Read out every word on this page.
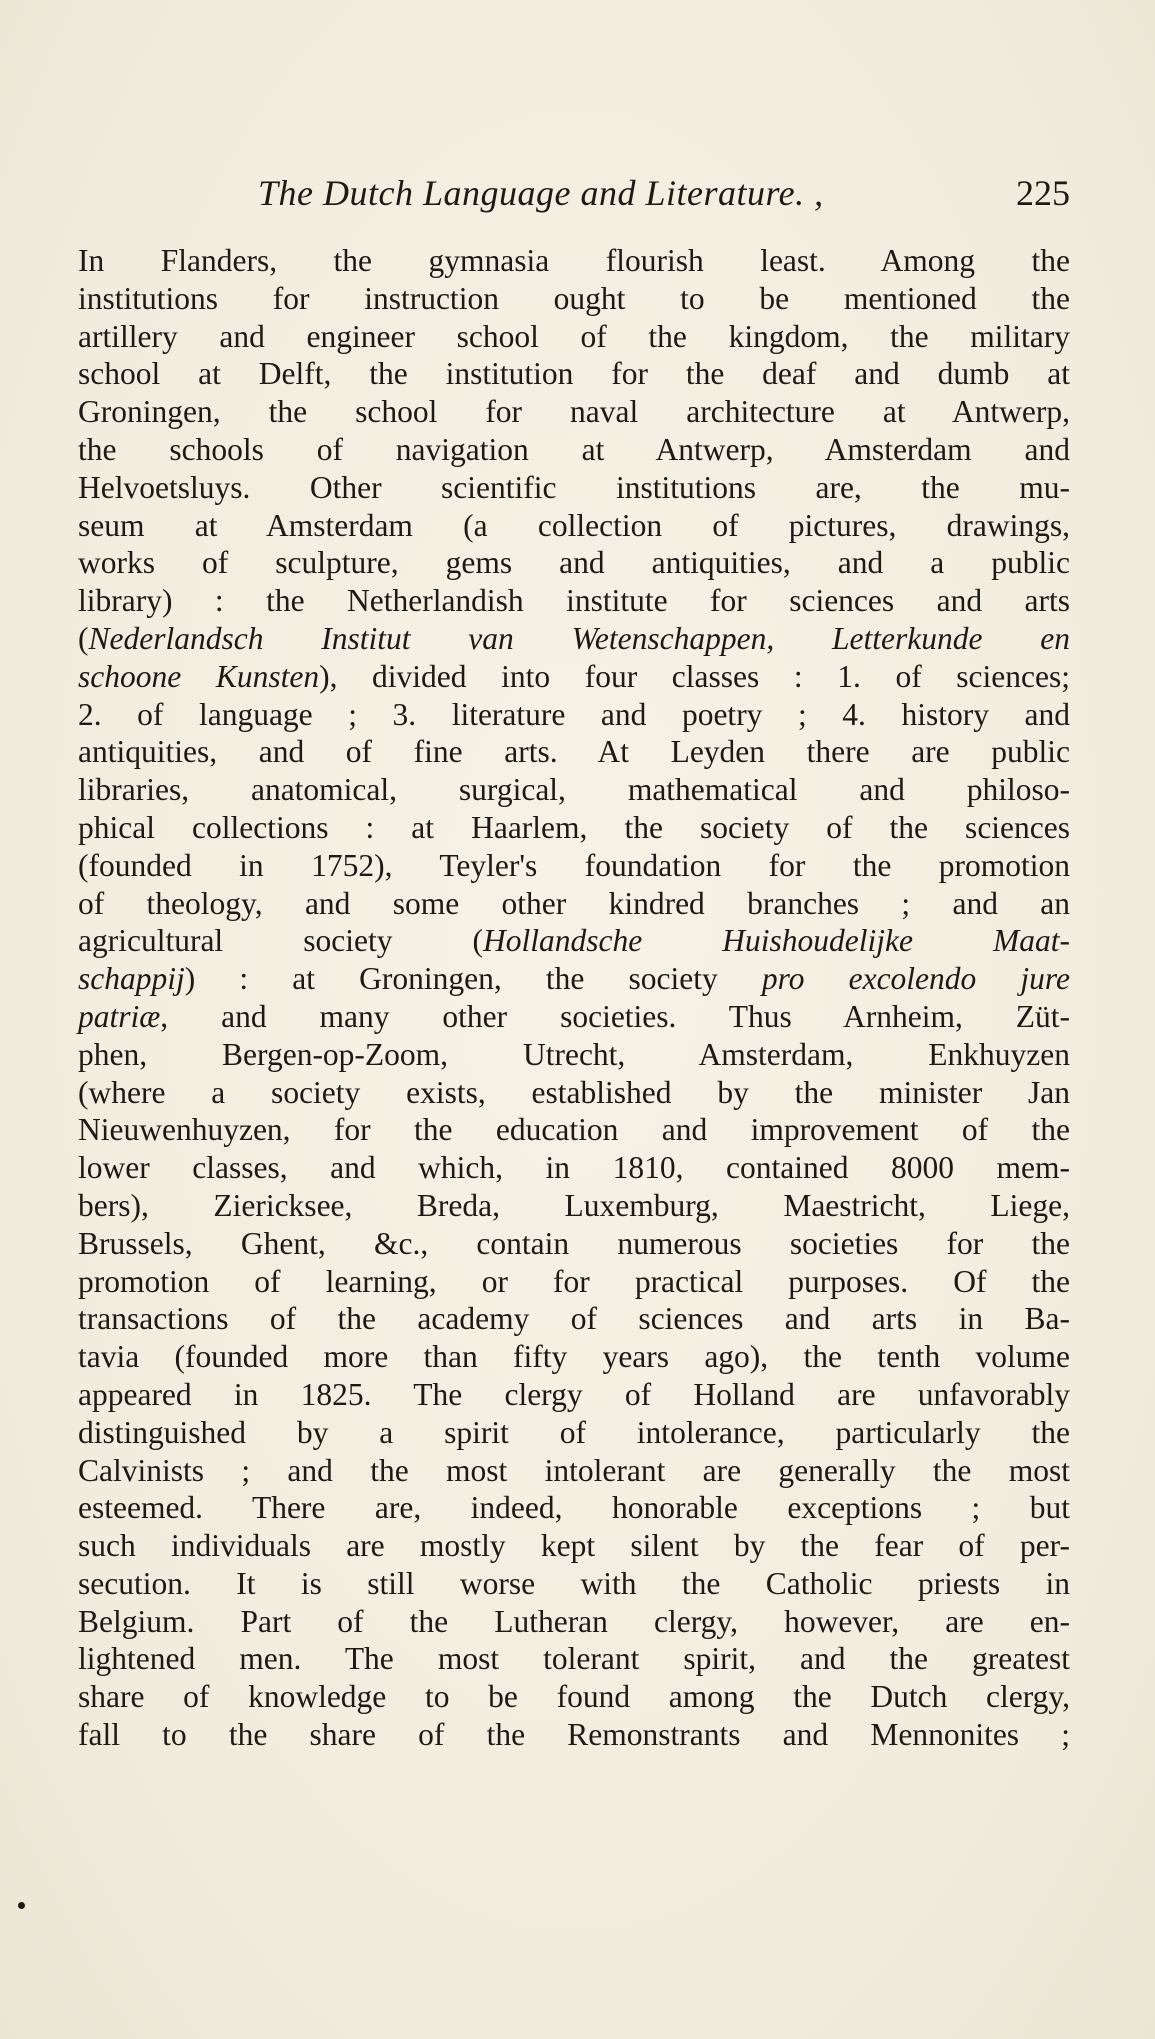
The Dutch Language and Literature. ,	225
In Flanders, the gymnasia flourish least. Among the
institutions for instruction ought to be mentioned the
artillery and engineer school of the kingdom, the military
school at Delft, the institution for the deaf and dumb at
Groningen, the school for naval architecture at Antwerp,
the schools of navigation at Antwerp, Amsterdam and
Helvoetsluys. Other scientific institutions are, the mu-
seum at Amsterdam (a collection of pictures, drawings,
works of sculpture, gems and antiquities, and a public
library) : the Netherlandish institute for sciences and arts
(Nederlandsch Institut van Wetenschappen, Letterkunde en
schoone Kunsten), divided into four classes : 1. of sciences;
2. of language ; 3. literature and poetry ; 4. history and
antiquities, and of fine arts. At Leyden there are public
libraries, anatomical, surgical, mathematical and philoso-
phical collections : at Haarlem, the society of the sciences
(founded in 1752), Teyler's foundation for the promotion
of theology, and some other kindred branches ; and an
agricultural society (Hollandsche Huishoudelijke Maat-
schappij) : at Groningen, the society pro excolendo jure
patriæ, and many other societies. Thus Arnheim, Züt-
phen, Bergen-op-Zoom, Utrecht, Amsterdam, Enkhuyzen
(where a society exists, established by the minister Jan
Nieuwenhuyzen, for the education and improvement of the
lower classes, and which, in 1810, contained 8000 mem-
bers), Ziericksee, Breda, Luxemburg, Maestricht, Liege,
Brussels, Ghent, &c., contain numerous societies for the
promotion of learning, or for practical purposes. Of the
transactions of the academy of sciences and arts in Ba-
tavia (founded more than fifty years ago), the tenth volume
appeared in 1825. The clergy of Holland are unfavorably
distinguished by a spirit of intolerance, particularly the
Calvinists ; and the most intolerant are generally the most
esteemed. There are, indeed, honorable exceptions ; but
such individuals are mostly kept silent by the fear of per-
secution. It is still worse with the Catholic priests in
Belgium. Part of the Lutheran clergy, however, are en-
lightened men. The most tolerant spirit, and the greatest
share of knowledge to be found among the Dutch clergy,
fall to the share of the Remonstrants and Mennonites ;
